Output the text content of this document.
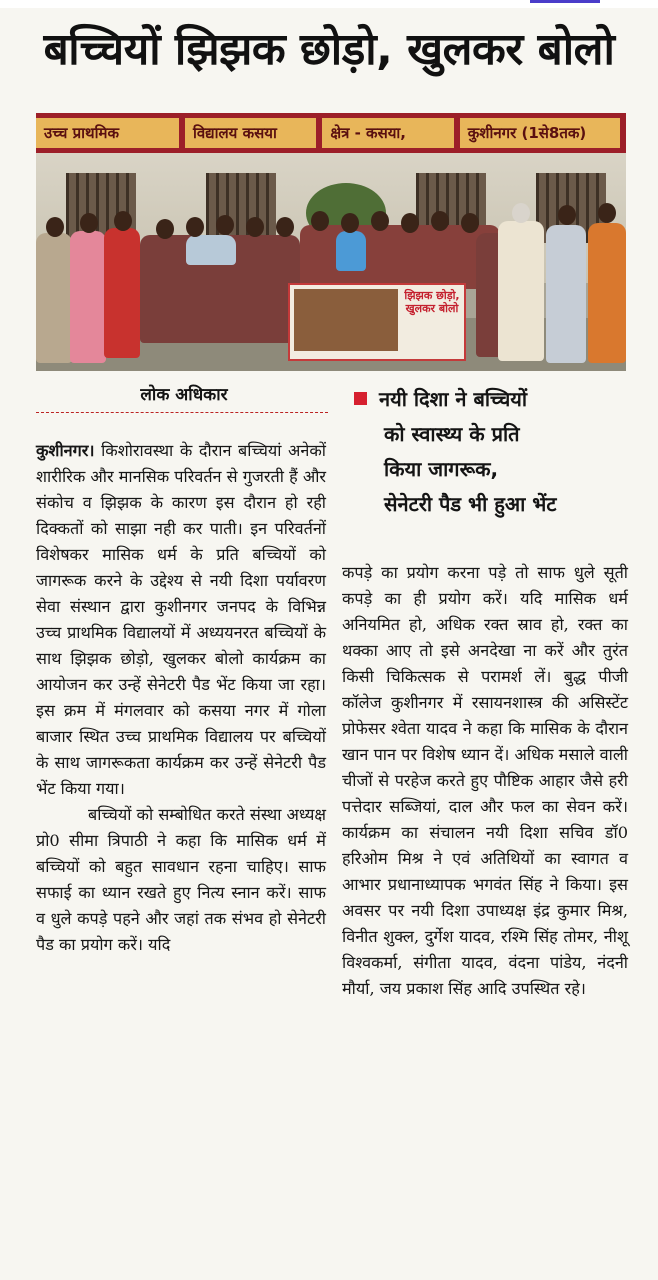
बच्चियों झिझक छोड़ो, खुलकर बोलो
उच्च प्राथमिक	विद्यालय कसया	क्षेत्र - कसया,	कुशीनगर (1से8तक)
झिझक छोड़ो, खुलकर बोलो
लोक अधिकार	नयी दिशा ने बच्चियों
को स्वास्थ्य के प्रति
किया जागरूक,
सेनेटरी पैड भी हुआ भेंट

कुशीनगर। किशोरावस्था के दौरान बच्चियां अनेकों शारीरिक और मानसिक परिवर्तन से गुजरती हैं और संकोच व झिझक के कारण इस दौरान हो रही दिक्कतों को साझा नही कर पाती। इन परिवर्तनों विशेषकर मासिक धर्म के प्रति बच्चियों को जागरूक करने के उद्देश्य से नयी दिशा पर्यावरण सेवा संस्थान द्वारा कुशीनगर जनपद के विभिन्न उच्च प्राथमिक विद्यालयों में अध्ययनरत बच्चियों के साथ झिझक छोड़ो, खुलकर बोलो कार्यक्रम का आयोजन कर उन्हें सेनेटरी पैड भेंट किया जा रहा। इस क्रम में मंगलवार को कसया नगर में गोला बाजार स्थित उच्च प्राथमिक विद्यालय पर बच्चियों के साथ जागरूकता कार्यक्रम कर उन्हें सेनेटरी पैड भेंट किया गया।

बच्चियों को सम्बोधित करते संस्था अध्यक्ष प्रो0 सीमा त्रिपाठी ने कहा कि मासिक धर्म में बच्चियों को बहुत सावधान रहना चाहिए। साफ सफाई का ध्यान रखते हुए नित्य स्नान करें। साफ व धुले कपड़े पहने और जहां तक संभव हो सेनेटरी पैड का प्रयोग करें। यदि

कपड़े का प्रयोग करना पड़े तो साफ धुले सूती कपड़े का ही प्रयोग करें। यदि मासिक धर्म अनियमित हो, अधिक रक्त स्राव हो, रक्त का थक्का आए तो इसे अनदेखा ना करें और तुरंत किसी चिकित्सक से परामर्श लें। बुद्ध पीजी कॉलेज कुशीनगर में रसायनशास्त्र की असिस्टेंट प्रोफेसर श्वेता यादव ने कहा कि मासिक के दौरान खान पान पर विशेष ध्यान दें। अधिक मसाले वाली चीजों से परहेज करते हुए पौष्टिक आहार जैसे हरी पत्तेदार सब्जियां, दाल और फल का सेवन करें। कार्यक्रम का संचालन नयी दिशा सचिव डॉ0 हरिओम मिश्र ने एवं अतिथियों का स्वागत व आभार प्रधानाध्यापक भगवंत सिंह ने किया। इस अवसर पर नयी दिशा उपाध्यक्ष इंद्र कुमार मिश्र, विनीत शुक्ल, दुर्गेश यादव, रश्मि सिंह तोमर, नीशू विश्वकर्मा, संगीता यादव, वंदना पांडेय, नंदनी मौर्या, जय प्रकाश सिंह आदि उपस्थित रहे।
